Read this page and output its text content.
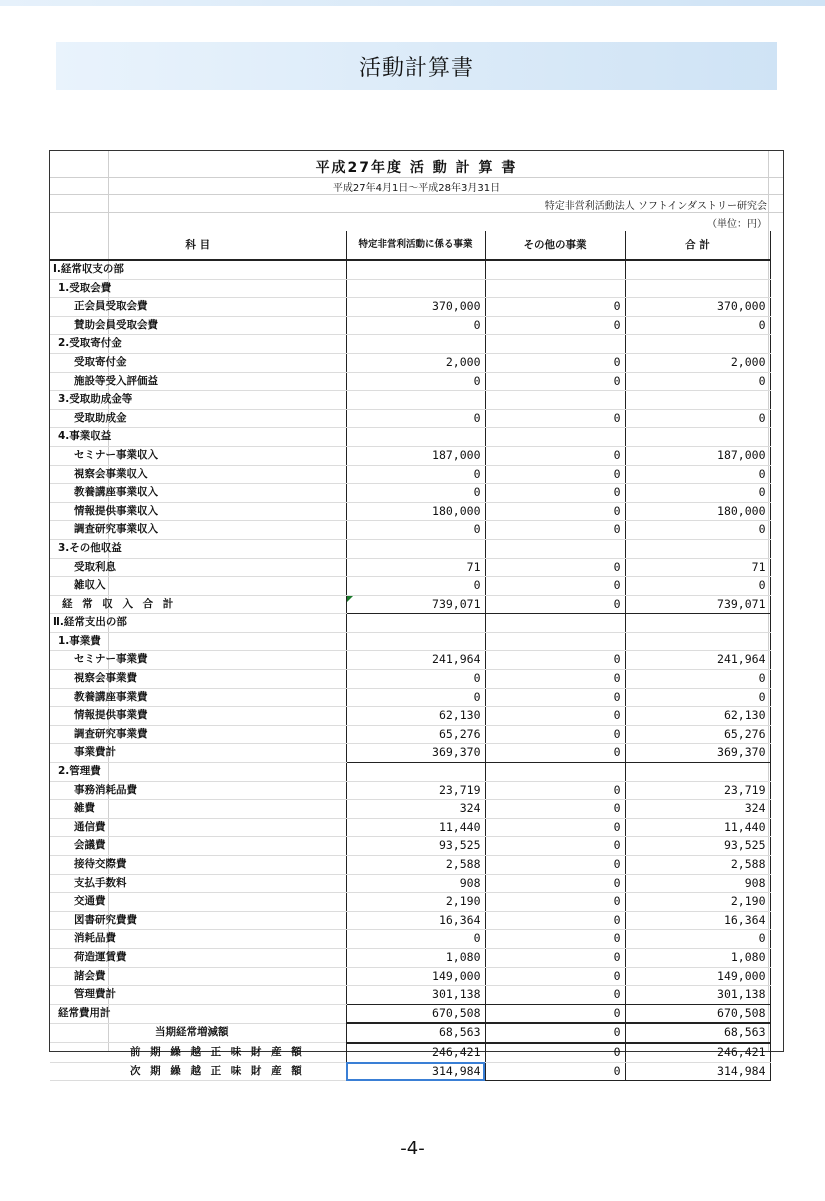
活動計算書
平成27年度 活 動 計 算 書
平成27年4月1日～平成28年3月31日
特定非営利活動法人 ソフトインダストリー研究会
（単位：円）
科 目	特定非営利活動に係る事業	その他の事業	合 計
Ⅰ.経常収支の部			
1.受取会費			
正会員受取会費	370,000	0	370,000
賛助会員受取会費	0	0	0
2.受取寄付金			
受取寄付金	2,000	0	2,000
施設等受入評価益	0	0	0
3.受取助成金等			
受取助成金	0	0	0
4.事業収益			
セミナー事業収入	187,000	0	187,000
視察会事業収入	0	0	0
教養講座事業収入	0	0	0
情報提供事業収入	180,000	0	180,000
調査研究事業収入	0	0	0
3.その他収益			
受取利息	71	0	71
雑収入	0	0	0
経 常 収 入 合 計	739,071	0	739,071
Ⅱ.経常支出の部			
1.事業費			
セミナー事業費	241,964	0	241,964
視察会事業費	0	0	0
教養講座事業費	0	0	0
情報提供事業費	62,130	0	62,130
調査研究事業費	65,276	0	65,276
事業費計	369,370	0	369,370
2.管理費			
事務消耗品費	23,719	0	23,719
雑費	324	0	324
通信費	11,440	0	11,440
会議費	93,525	0	93,525
接待交際費	2,588	0	2,588
支払手数料	908	0	908
交通費	2,190	0	2,190
図書研究費費	16,364	0	16,364
消耗品費	0	0	0
荷造運賃費	1,080	0	1,080
諸会費	149,000	0	149,000
管理費計	301,138	0	301,138
経常費用計	670,508	0	670,508
当期経常増減額	68,563	0	68,563
前 期 繰 越 正 味 財 産 額	246,421	0	246,421
次 期 繰 越 正 味 財 産 額	314,984	0	314,984
-4-
